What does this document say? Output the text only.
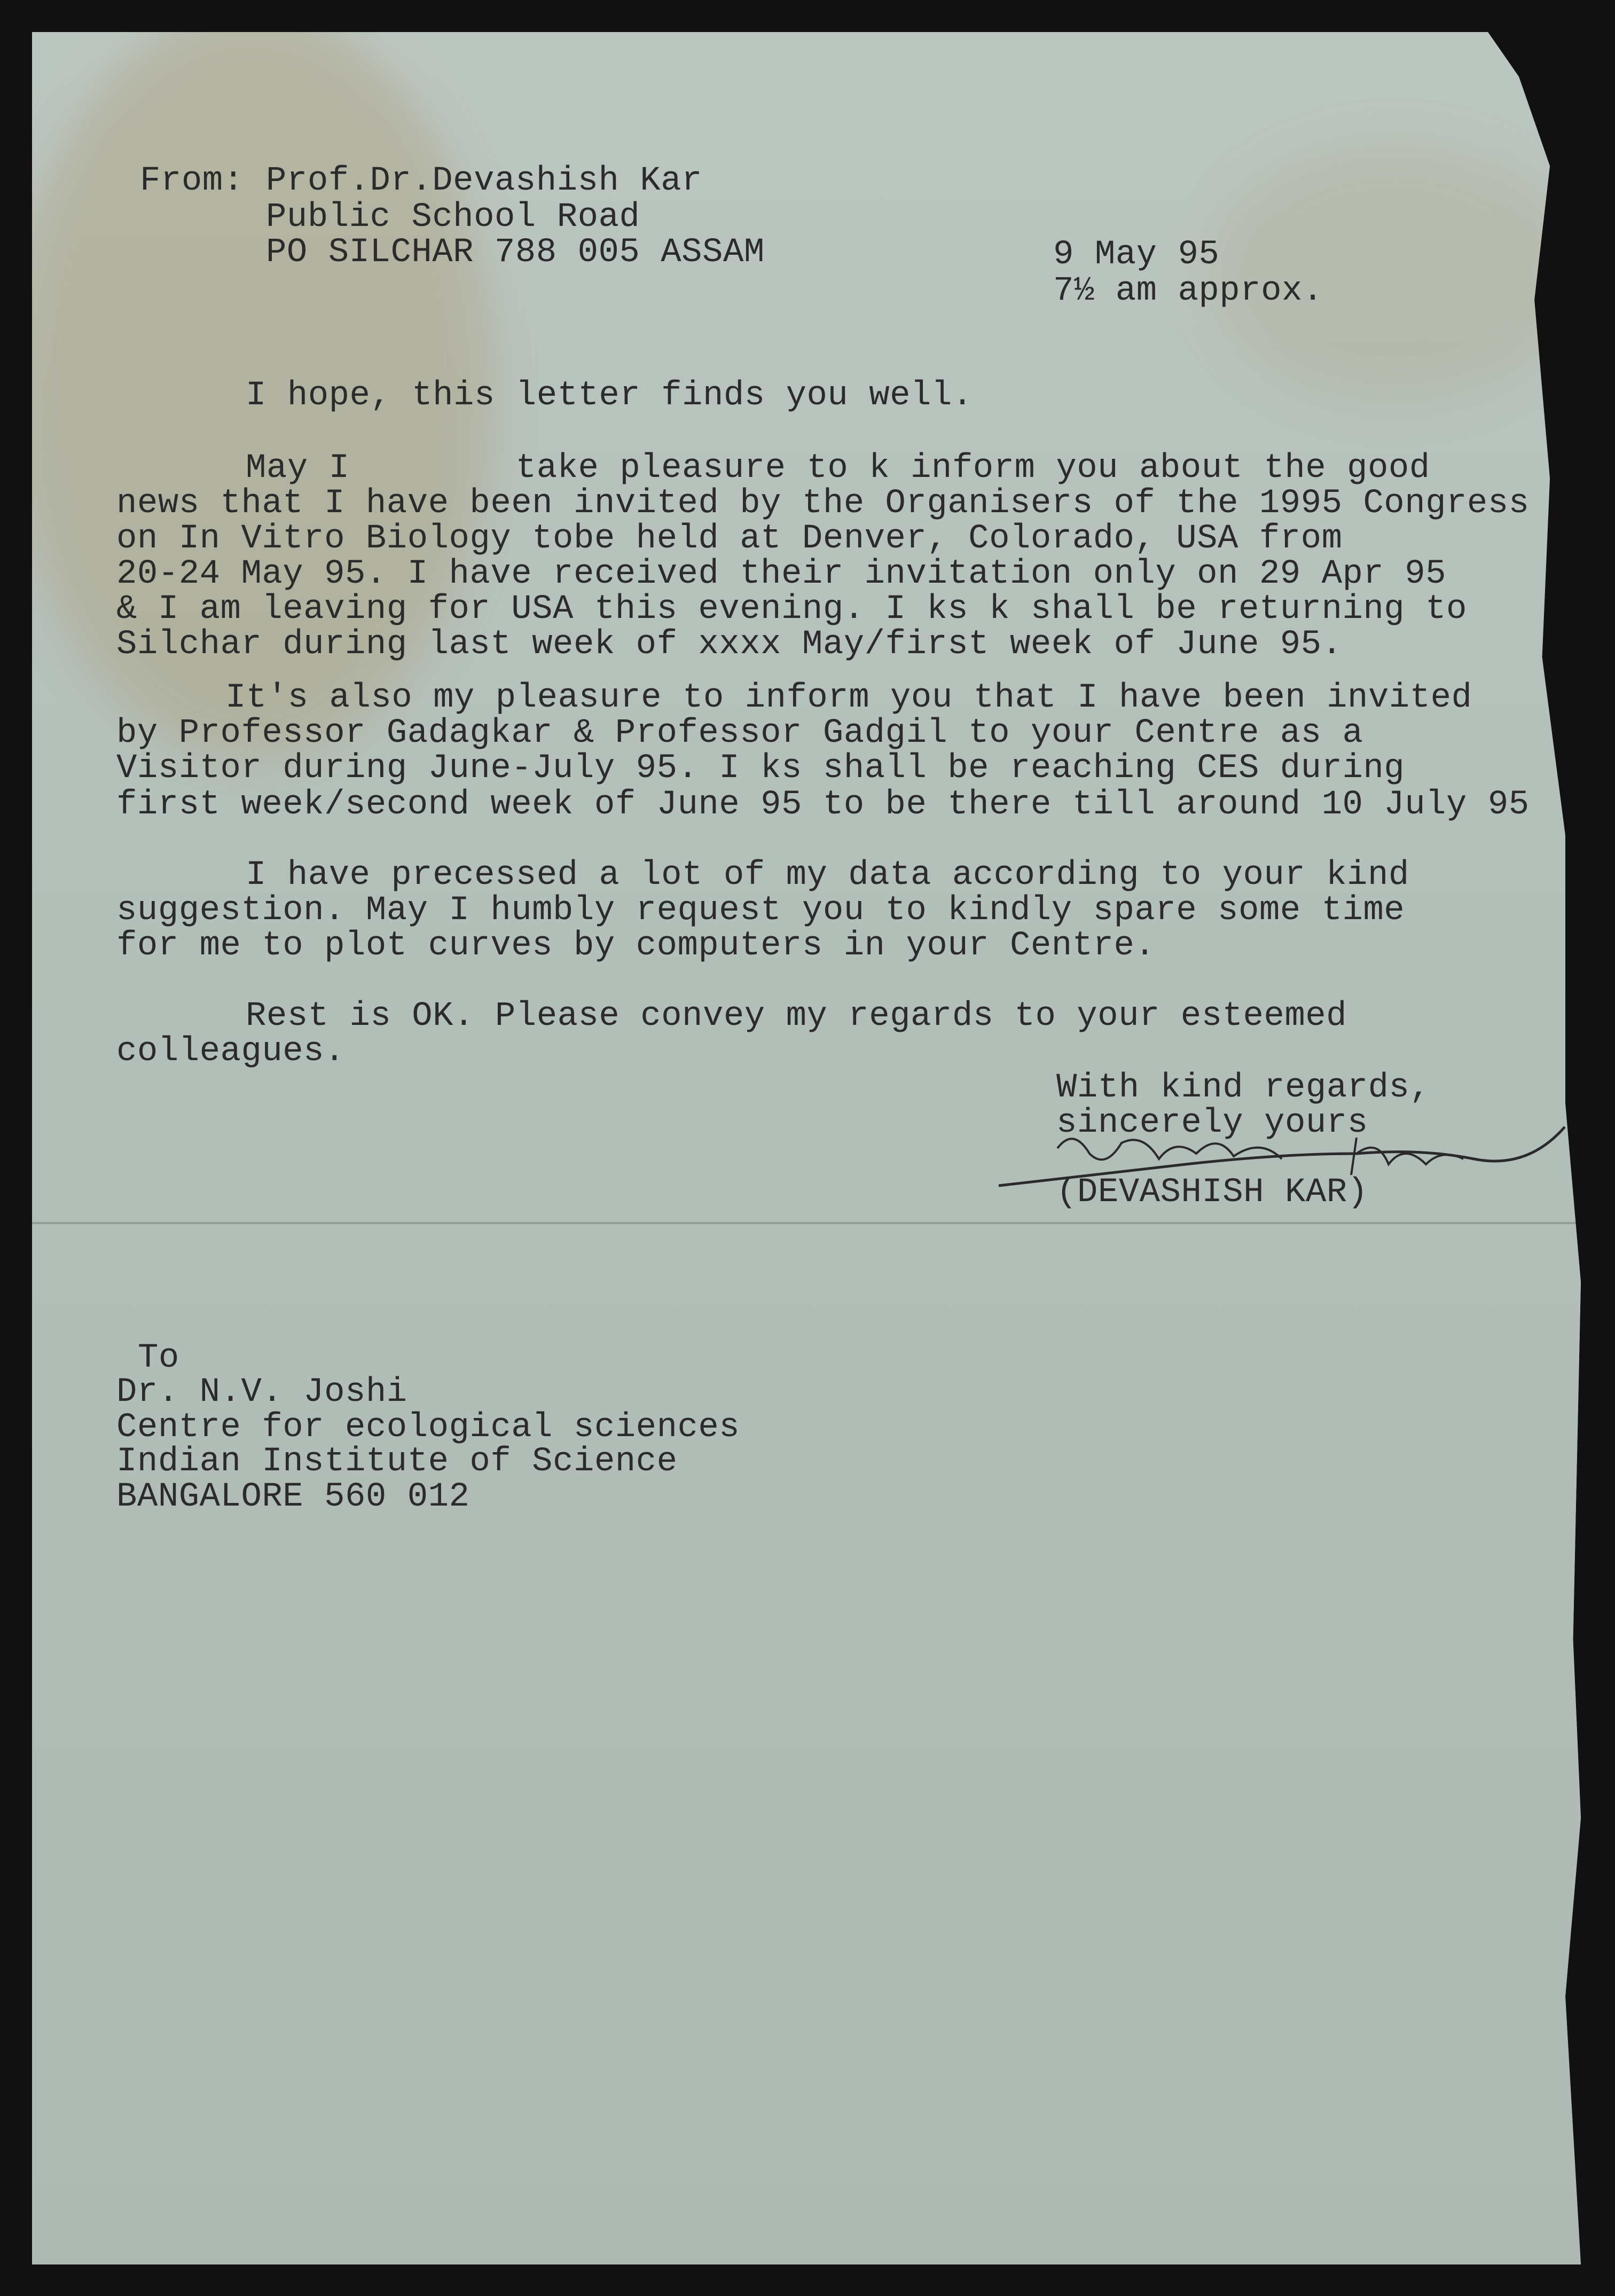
From: Prof.Dr.Devashish Kar
Public School Road
PO SILCHAR 788 005 ASSAM	9 May 95
7½ am approx.
I hope, this letter finds you well.
May I        take pleasure to k inform you about the good
news that I have been invited by the Organisers of the 1995 Congress
on In Vitro Biology tobe held at Denver, Colorado, USA from
20-24 May 95. I have received their invitation only on 29 Apr 95
& I am leaving for USA this evening. I ks k shall be returning to
Silchar during last week of xxxx May/first week of June 95.
It's also my pleasure to inform you that I have been invited
by Professor Gadagkar & Professor Gadgil to your Centre as a
Visitor during June-July 95. I ks shall be reaching CES during
first week/second week of June 95 to be there till around 10 July 95
I have precessed a lot of my data according to your kind
suggestion. May I humbly request you to kindly spare some time
for me to plot curves by computers in your Centre.
Rest is OK. Please convey my regards to your esteemed
colleagues.
With kind regards,
sincerely yours
(DEVASHISH KAR)
To
Dr. N.V. Joshi
Centre for ecological sciences
Indian Institute of Science
BANGALORE 560 012
